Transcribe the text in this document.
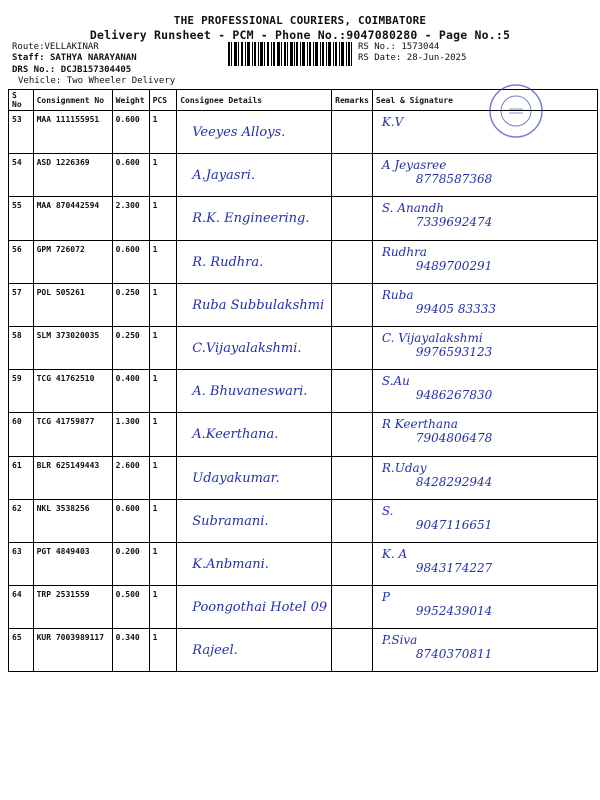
THE PROFESSIONAL COURIERS, COIMBATORE
Delivery Runsheet - PCM - Phone No.:9047080280 - Page No.:5
Route:VELLAKINAR
Staff: SATHYA NARAYANAN
DRS No.: DCJB157304405
Vehicle: Two Wheeler Delivery
RS No.: 1573044
RS Date: 28-Jun-2025
S No	Consignment No	Weight	PCS	Consignee Details	Remarks	Seal & Signature
53	MAA 111155951	0.600	1	Veeyes Alloys.		K.V

54	ASD 1226369	0.600	1	A.Jayasri.		A Jeyasree
8778587368

55	MAA 870442594	2.300	1	R.K. Engineering.		S. Anandh
7339692474

56	GPM 726072	0.600	1	R. Rudhra.		Rudhra
9489700291

57	POL 505261	0.250	1	Ruba Subbulakshmi		Ruba
99405 83333

58	SLM 373020035	0.250	1	C.Vijayalakshmi.		C. Vijayalakshmi
9976593123

59	TCG 41762510	0.400	1	A. Bhuvaneswari.		S.Au
9486267830

60	TCG 41759877	1.300	1	A.Keerthana.		R Keerthana
7904806478

61	BLR 625149443	2.600	1	Udayakumar.		R.Uday
8428292944

62	NKL 3538256	0.600	1	Subramani.		S.
9047116651

63	PGT 4849403	0.200	1	K.Anbmani.		K. A
9843174227

64	TRP 2531559	0.500	1	Poongothai Hotel 09		P
9952439014

65	KUR 7003989117	0.340	1	Rajeel.		P.Siva
8740370811
